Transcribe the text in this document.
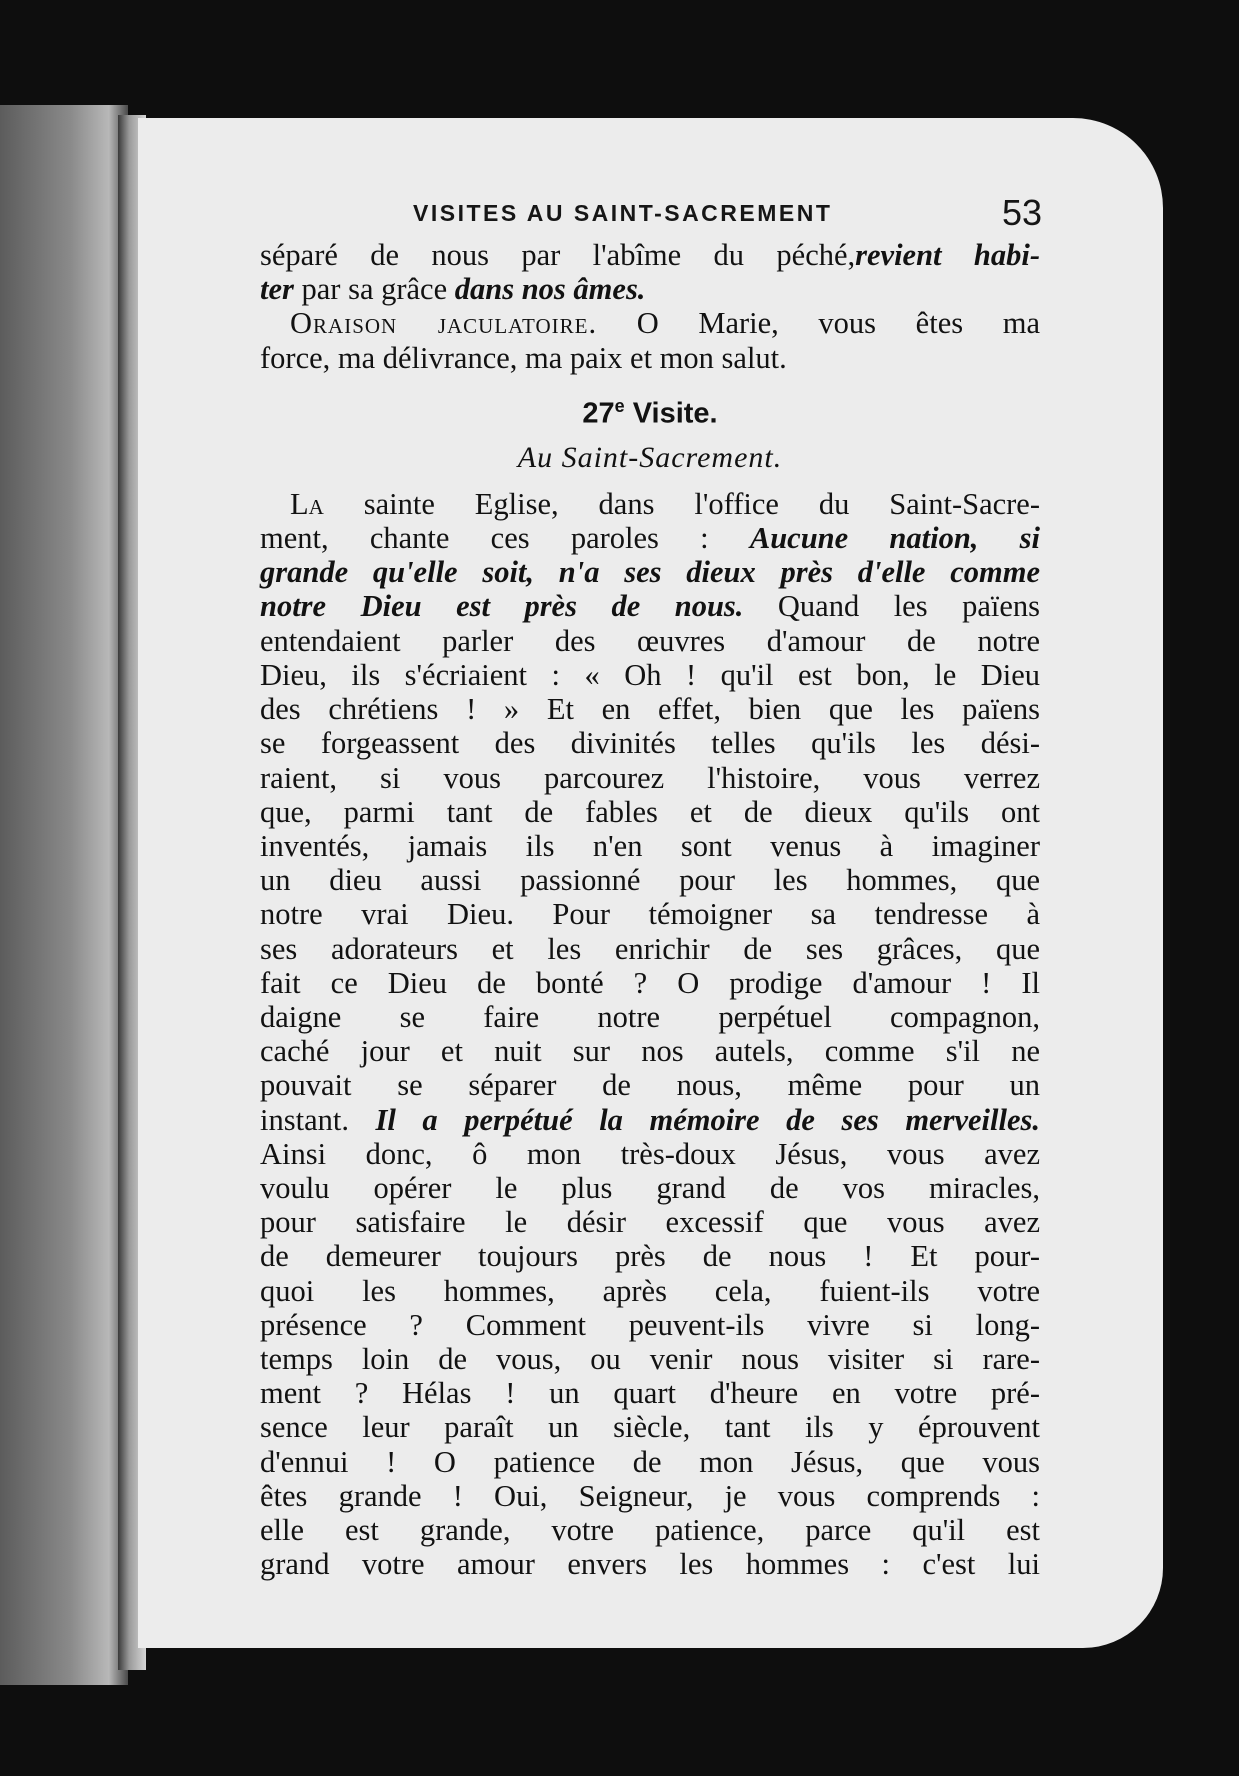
VISITES AU SAINT-SACREMENT	53
séparé de nous par l'abîme du péché,revient habi-
ter par sa grâce dans nos âmes.
Oraison jaculatoire. O Marie, vous êtes ma
force, ma délivrance, ma paix et mon salut.
27e Visite.
Au Saint-Sacrement.
La sainte Eglise, dans l'office du Saint-Sacre-
ment, chante ces paroles : Aucune nation, si
grande qu'elle soit, n'a ses dieux près d'elle comme
notre Dieu est près de nous. Quand les païens
entendaient parler des œuvres d'amour de notre
Dieu, ils s'écriaient : « Oh ! qu'il est bon, le Dieu
des chrétiens ! » Et en effet, bien que les païens
se forgeassent des divinités telles qu'ils les dési-
raient, si vous parcourez l'histoire, vous verrez
que, parmi tant de fables et de dieux qu'ils ont
inventés, jamais ils n'en sont venus à imaginer
un dieu aussi passionné pour les hommes, que
notre vrai Dieu. Pour témoigner sa tendresse à
ses adorateurs et les enrichir de ses grâces, que
fait ce Dieu de bonté ? O prodige d'amour ! Il
daigne se faire notre perpétuel compagnon,
caché jour et nuit sur nos autels, comme s'il ne
pouvait se séparer de nous, même pour un
instant. Il a perpétué la mémoire de ses merveilles.
Ainsi donc, ô mon très-doux Jésus, vous avez
voulu opérer le plus grand de vos miracles,
pour satisfaire le désir excessif que vous avez
de demeurer toujours près de nous ! Et pour-
quoi les hommes, après cela, fuient-ils votre
présence ? Comment peuvent-ils vivre si long-
temps loin de vous, ou venir nous visiter si rare-
ment ? Hélas ! un quart d'heure en votre pré-
sence leur paraît un siècle, tant ils y éprouvent
d'ennui ! O patience de mon Jésus, que vous
êtes grande ! Oui, Seigneur, je vous comprends :
elle est grande, votre patience, parce qu'il est
grand votre amour envers les hommes : c'est lui
